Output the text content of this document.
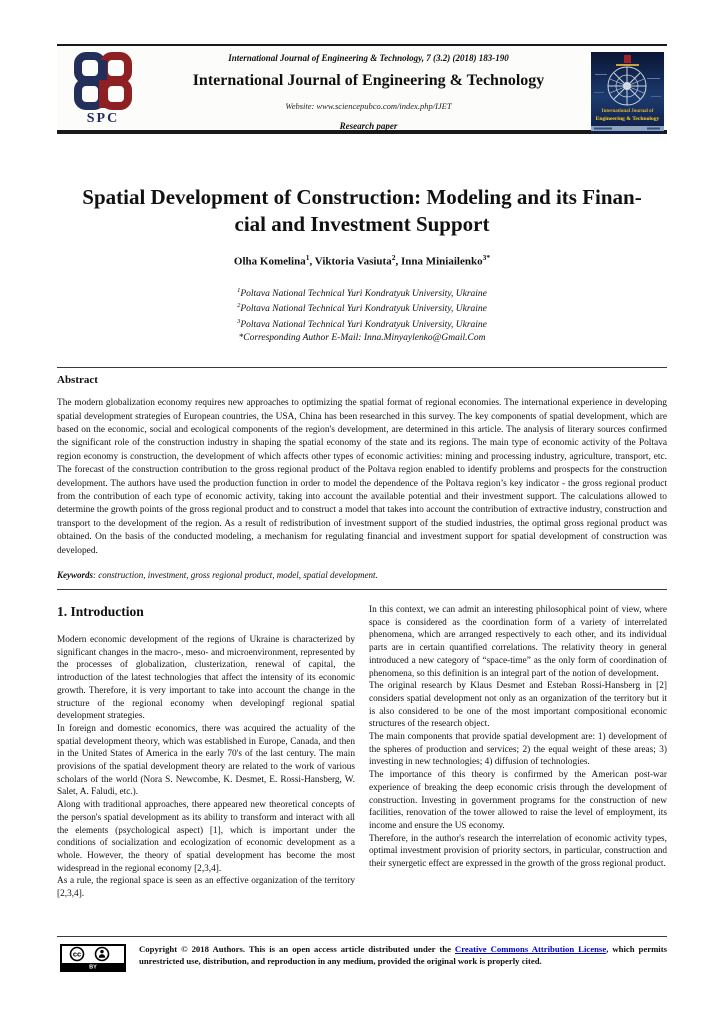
SPC
International Journal of Engineering & Technology, 7 (3.2) (2018) 183-190
International Journal of Engineering & Technology
Website: www.sciencepubco.com/index.php/IJET
Research paper
International Journal of
Engineering & Technology
Spatial Development of Construction: Modeling and its Finan-
cial and Investment Support
Olha Komelina$^1$, Viktoria Vasiuta$^2$, Inna Miniailenko$^{3*}$
$^1$Poltava National Technical Yuri Kondratyuk University, Ukraine
$^2$Poltava National Technical Yuri Kondratyuk University, Ukraine
$^3$Poltava National Technical Yuri Kondratyuk University, Ukraine
*Corresponding Author E-Mail: Inna.Minyaylenko@Gmail.Com
Abstract
The modern globalization economy requires new approaches to optimizing the spatial format of regional economies. The international experience in developing spatial development strategies of European countries, the USA, China has been researched in this survey. The key components of spatial development, which are based on the economic, social and ecological components of the region's development, are determined in this article. The analysis of literary sources confirmed the significant role of the construction industry in shaping the spatial economy of the state and its regions. The main type of economic activity of the Poltava region economy is construction, the development of which affects other types of economic activities: mining and processing industry, agriculture, transport, etc. The forecast of the construction contribution to the gross regional product of the Poltava region enabled to identify problems and prospects for the construction development. The authors have used the production function in order to model the dependence of the Poltava region’s key indicator - the gross regional product from the contribution of each type of economic activity, taking into account the available potential and their investment support. The calculations allowed to determine the growth points of the gross regional product and to construct a model that takes into account the contribution of extractive industry, construction and transport to the development of the region. As a result of redistribution of investment support of the studied industries, the optimal gross regional product was obtained. On the basis of the conducted modeling, a mechanism for regulating financial and investment support for spatial development of construction was developed.
Keywords: construction, investment, gross regional product, model, spatial development.
1. Introduction

Modern economic development of the regions of Ukraine is characterized by significant changes in the macro-, meso- and microenvironment, represented by the processes of globalization, clusterization, renewal of capital, the introduction of the latest technologies that affect the intensity of its economic growth. Therefore, it is very important to take into account the change in the structure of the regional economy when developingf regional spatial development strategies.

In foreign and domestic economics, there was acquired the actuality of the spatial development theory, which was established in Europe, Canada, and then in the United States of America in the early 70's of the last century. The main provisions of the spatial development theory are related to the work of various scholars of the world (Nora S. Newcombe, K. Desmet, E. Rossi-Hansberg, W. Salet, A. Faludi, etc.).

Along with traditional approaches, there appeared new theoretical concepts of the person's spatial development as its ability to transform and interact with all the elements (psychological aspect) [1], which is important under the conditions of socialization and ecologization of economic development as a whole. However, the theory of spatial development has become the most widespread in the regional economy [2,3,4].

As a rule, the regional space is seen as an effective organization of the territory [2,3,4].

In this context, we can admit an interesting philosophical point of view, where space is considered as the coordination form of a variety of interrelated phenomena, which are arranged respectively to each other, and its individual parts are in certain quantified correlations. The relativity theory in general introduced a new category of “space-time” as the only form of coordination of phenomena, so this definition is an integral part of the notion of development.

The original research by Klaus Desmet and Esteban Rossi-Hansberg in [2] considers spatial development not only as an organization of the territory but it is also considered to be one of the most important compositional economic structures of the research object.

The main components that provide spatial development are: 1) development of the spheres of production and services; 2) the equal weight of these areas; 3) investing in new technologies; 4) diffusion of technologies.

The importance of this theory is confirmed by the American post-war experience of breaking the deep economic crisis through the development of construction. Investing in government programs for the construction of new facilities, renovation of the tower allowed to raise the level of employment, its income and ensure the US economy.

Therefore, in the author's research the interrelation of economic activity types, optimal investment provision of priority sectors, in particular, construction and their synergetic effect are expressed in the growth of the gross regional product.

cc
BY
Copyright © 2018 Authors. This is an open access article distributed under the Creative Commons Attribution License, which permits unrestricted use, distribution, and reproduction in any medium, provided the original work is properly cited.
